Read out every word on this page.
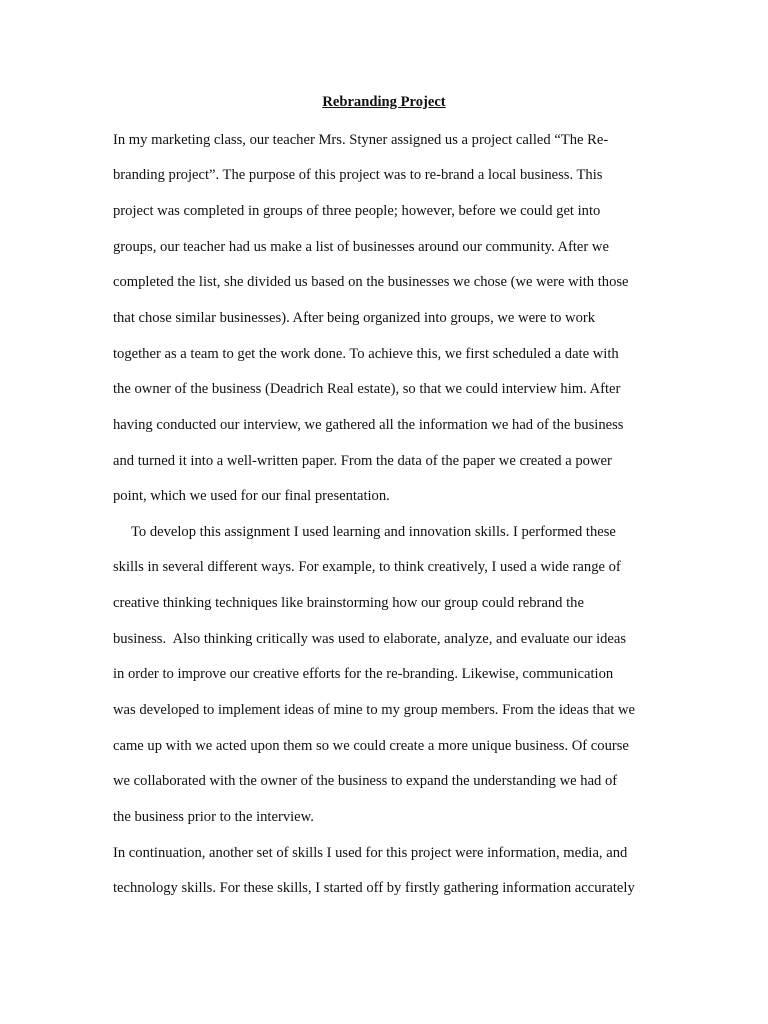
Rebranding Project
In my marketing class, our teacher Mrs. Styner assigned us a project called “The Re-
branding project”. The purpose of this project was to re-brand a local business. This
project was completed in groups of three people; however, before we could get into
groups, our teacher had us make a list of businesses around our community. After we
completed the list, she divided us based on the businesses we chose (we were with those
that chose similar businesses). After being organized into groups, we were to work
together as a team to get the work done. To achieve this, we first scheduled a date with
the owner of the business (Deadrich Real estate), so that we could interview him. After
having conducted our interview, we gathered all the information we had of the business
and turned it into a well-written paper. From the data of the paper we created a power
point, which we used for our final presentation.
To develop this assignment I used learning and innovation skills. I performed these
skills in several different ways. For example, to think creatively, I used a wide range of
creative thinking techniques like brainstorming how our group could rebrand the
business.  Also thinking critically was used to elaborate, analyze, and evaluate our ideas
in order to improve our creative efforts for the re-branding. Likewise, communication
was developed to implement ideas of mine to my group members. From the ideas that we
came up with we acted upon them so we could create a more unique business. Of course
we collaborated with the owner of the business to expand the understanding we had of
the business prior to the interview.
In continuation, another set of skills I used for this project were information, media, and
technology skills. For these skills, I started off by firstly gathering information accurately
